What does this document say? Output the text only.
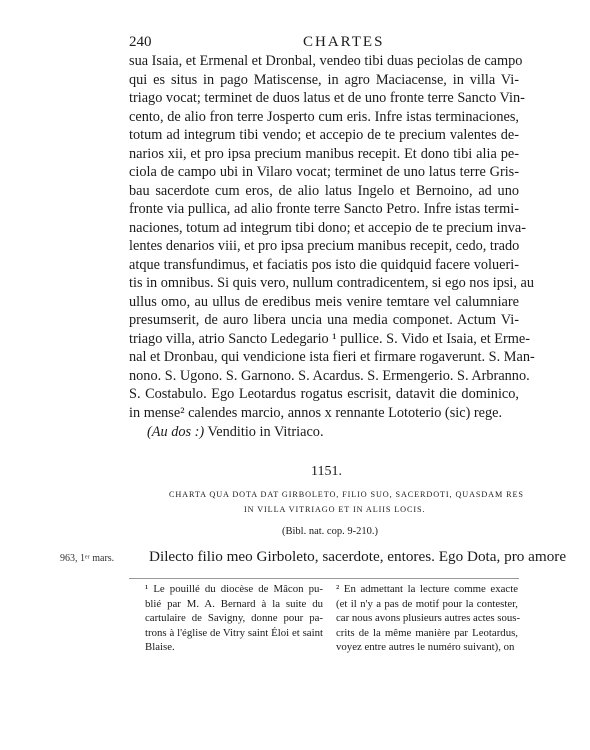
240	CHARTES
sua Isaia, et Ermenal et Dronbal, vendeo tibi duas peciolas de campo
qui es situs in pago Matiscense, in agro Maciacense, in villa Vi-
triago vocat; terminet de duos latus et de uno fronte terre Sancto Vin-
cento, de alio fron terre Josperto cum eris. Infre istas terminaciones,
totum ad integrum tibi vendo; et accepio de te precium valentes de-
narios xii, et pro ipsa precium manibus recepit. Et dono tibi alia pe-
ciola de campo ubi in Vilaro vocat; terminet de uno latus terre Gris-
bau sacerdote cum eros, de alio latus Ingelo et Bernoino, ad uno
fronte via pullica, ad alio fronte terre Sancto Petro. Infre istas termi-
naciones, totum ad integrum tibi dono; et accepio de te precium inva-
lentes denarios viii, et pro ipsa precium manibus recepit, cedo, trado
atque transfundimus, et faciatis pos isto die quidquid facere volueri-
tis in omnibus. Si quis vero, nullum contradicentem, si ego nos ipsi, au
ullus omo, au ullus de eredibus meis venire temtare vel calumniare
presumserit, de auro libera uncia una media componet. Actum Vi-
triago villa, atrio Sancto Ledegario ¹ pullice. S. Vido et Isaia, et Erme-
nal et Dronbau, qui vendicione ista fieri et firmare rogaverunt. S. Man-
nono. S. Ugono. S. Garnono. S. Acardus. S. Ermengerio. S. Arbranno.
S. Costabulo. Ego Leotardus rogatus escrisit, datavit die dominico,
in mense² calendes marcio, annos x rennante Lototerio (sic) rege.
(Au dos :) Venditio in Vitriaco.
1151.
CHARTA QUA DOTA DAT GIRBOLETO, FILIO SUO, SACERDOTI, QUASDAM RES
IN VILLA VITRIAGO ET IN ALIIS LOCIS.
(Bibl. nat. cop. 9-210.)
963, 1ᵉʳ mars. Dilecto filio meo Girboleto, sacerdote, entores. Ego Dota, pro amore
¹ Le pouillé du diocèse de Mâcon pu-
blié par M. A. Bernard à la suite du
cartulaire de Savigny, donne pour pa-
trons à l'église de Vitry saint Éloi et saint
Blaise.
² En admettant la lecture comme exacte
(et il n'y a pas de motif pour la contester,
car nous avons plusieurs autres actes sous-
crits de la même manière par Leotardus,
voyez entre autres le numéro suivant), on
